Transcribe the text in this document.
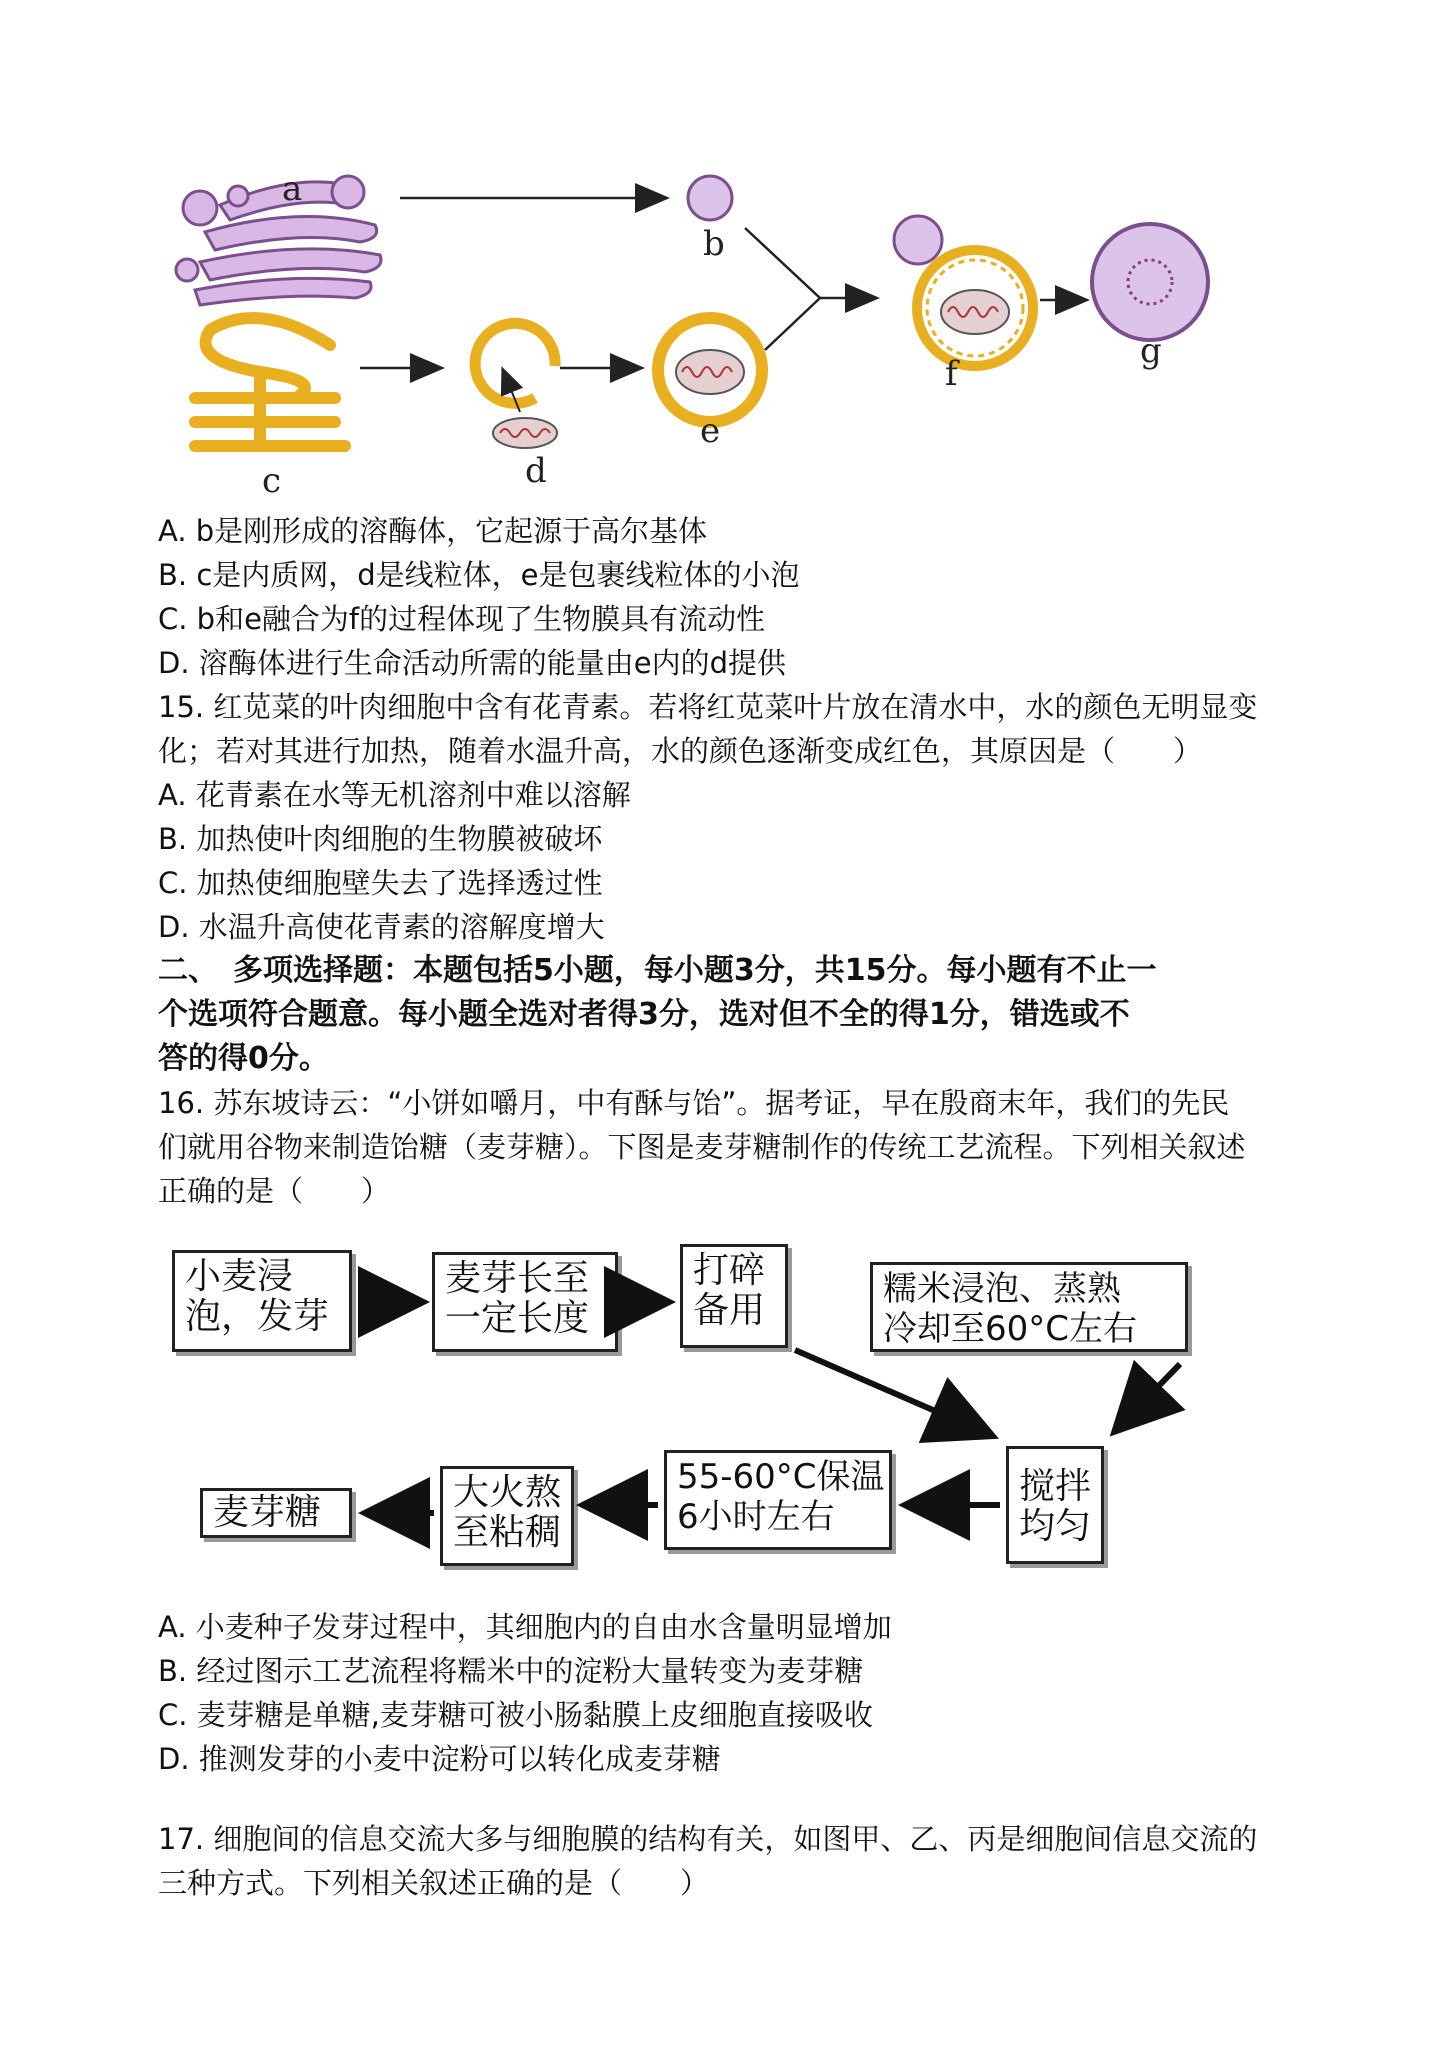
a
b
c	d
e
f
g
A. b是刚形成的溶酶体，它起源于高尔基体
B. c是内质网，d是线粒体，e是包裹线粒体的小泡
C. b和e融合为f的过程体现了生物膜具有流动性
D. 溶酶体进行生命活动所需的能量由e内的d提供
15. 红苋菜的叶肉细胞中含有花青素。若将红苋菜叶片放在清水中，水的颜色无明显变
化；若对其进行加热，随着水温升高，水的颜色逐渐变成红色，其原因是（　　）
A. 花青素在水等无机溶剂中难以溶解
B. 加热使叶肉细胞的生物膜被破坏
C. 加热使细胞壁失去了选择透过性
D. 水温升高使花青素的溶解度增大
二、　多项选择题：本题包括5小题，每小题3分，共15分。每小题有不止一
个选项符合题意。每小题全选对者得3分，选对但不全的得1分，错选或不
答的得0分。
16. 苏东坡诗云：“小饼如嚼月，中有酥与饴”。据考证，早在殷商末年，我们的先民
们就用谷物来制造饴糖（麦芽糖）。下图是麦芽糖制作的传统工艺流程。下列相关叙述
正确的是（　　）
小麦浸
泡，发芽
麦芽长至
一定长度
打碎
备用
糯米浸泡、蒸熟
冷却至60°C左右
搅拌
均匀
55-60°C保温
6小时左右
大火熬
至粘稠
麦芽糖
A. 小麦种子发芽过程中，其细胞内的自由水含量明显增加
B. 经过图示工艺流程将糯米中的淀粉大量转变为麦芽糖
C. 麦芽糖是单糖,麦芽糖可被小肠黏膜上皮细胞直接吸收
D. 推测发芽的小麦中淀粉可以转化成麦芽糖
17. 细胞间的信息交流大多与细胞膜的结构有关，如图甲、乙、丙是细胞间信息交流的
三种方式。下列相关叙述正确的是（　　）
